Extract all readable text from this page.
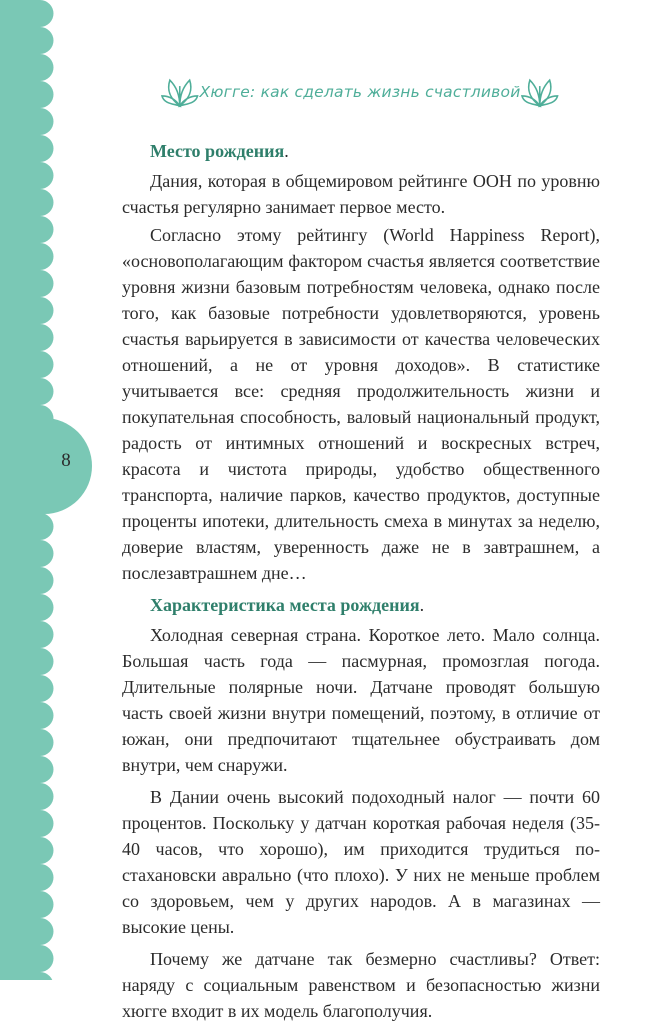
8
Хюгге: как сделать жизнь счастливой

Место рождения.

Дания, которая в общемировом рейтинге ООН по уровню счастья регулярно занимает первое место.

Согласно этому рейтингу (World Happiness Report), «основополагающим фактором счастья является соответствие уровня жизни базовым потребностям человека, однако после того, как базовые потребности удовлетворяются, уровень счастья варьируется в зависимости от качества человеческих отношений, а не от уровня доходов». В статистике учитывается все: средняя продолжительность жизни и покупательная способность, валовый национальный продукт, радость от интимных отношений и воскресных встреч, красота и чистота природы, удобство общественного транспорта, наличие парков, качество продуктов, доступные проценты ипотеки, длительность смеха в минутах за неделю, доверие властям, уверенность даже не в завтрашнем, а послезавтрашнем дне…

Характеристика места рождения.

Холодная северная страна. Короткое лето. Мало солнца. Большая часть года — пасмурная, промозглая погода. Длительные полярные ночи. Датчане проводят большую часть своей жизни внутри помещений, поэтому, в отличие от южан, они предпочитают тщательнее обустраивать дом внутри, чем снаружи.

В Дании очень высокий подоходный налог — почти 60 процентов. Поскольку у датчан короткая рабочая неделя (35-40 часов, что хорошо), им приходится трудиться по-стахановски аврально (что плохо). У них не меньше проблем со здоровьем, чем у других народов. А в магазинах — высокие цены.

Почему же датчане так безмерно счастливы? Ответ: наряду с социальным равенством и безопасностью жизни хюгге входит в их модель благополучия.
